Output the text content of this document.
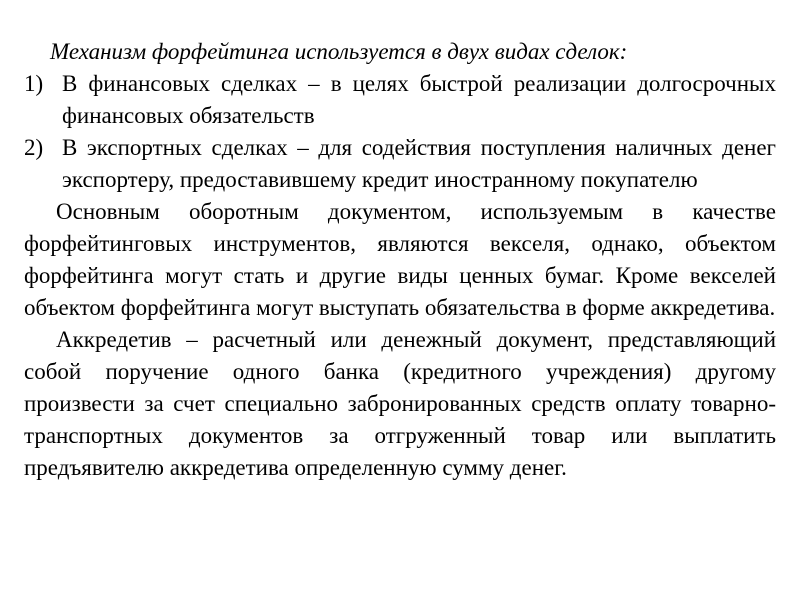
Механизм форфейтинга используется в двух видах сделок:

1) В финансовых сделках – в целях быстрой реализации долгосрочных финансовых обязательств
2) В экспортных сделках – для содействия поступления наличных денег экспортеру, предоставившему кредит иностранному покупателю

Основным оборотным документом, используемым в качестве форфейтинговых инструментов, являются векселя, однако, объектом форфейтинга могут стать и другие виды ценных бумаг. Кроме векселей объектом форфейтинга могут выступать обязательства в форме аккредетива.

Аккредетив – расчетный или денежный документ, представляющий собой поручение одного банка (кредитного учреждения) другому произвести за счет специально забронированных средств оплату товарно-транспортных документов за отгруженный товар или выплатить предъявителю аккредетива определенную сумму денег.
